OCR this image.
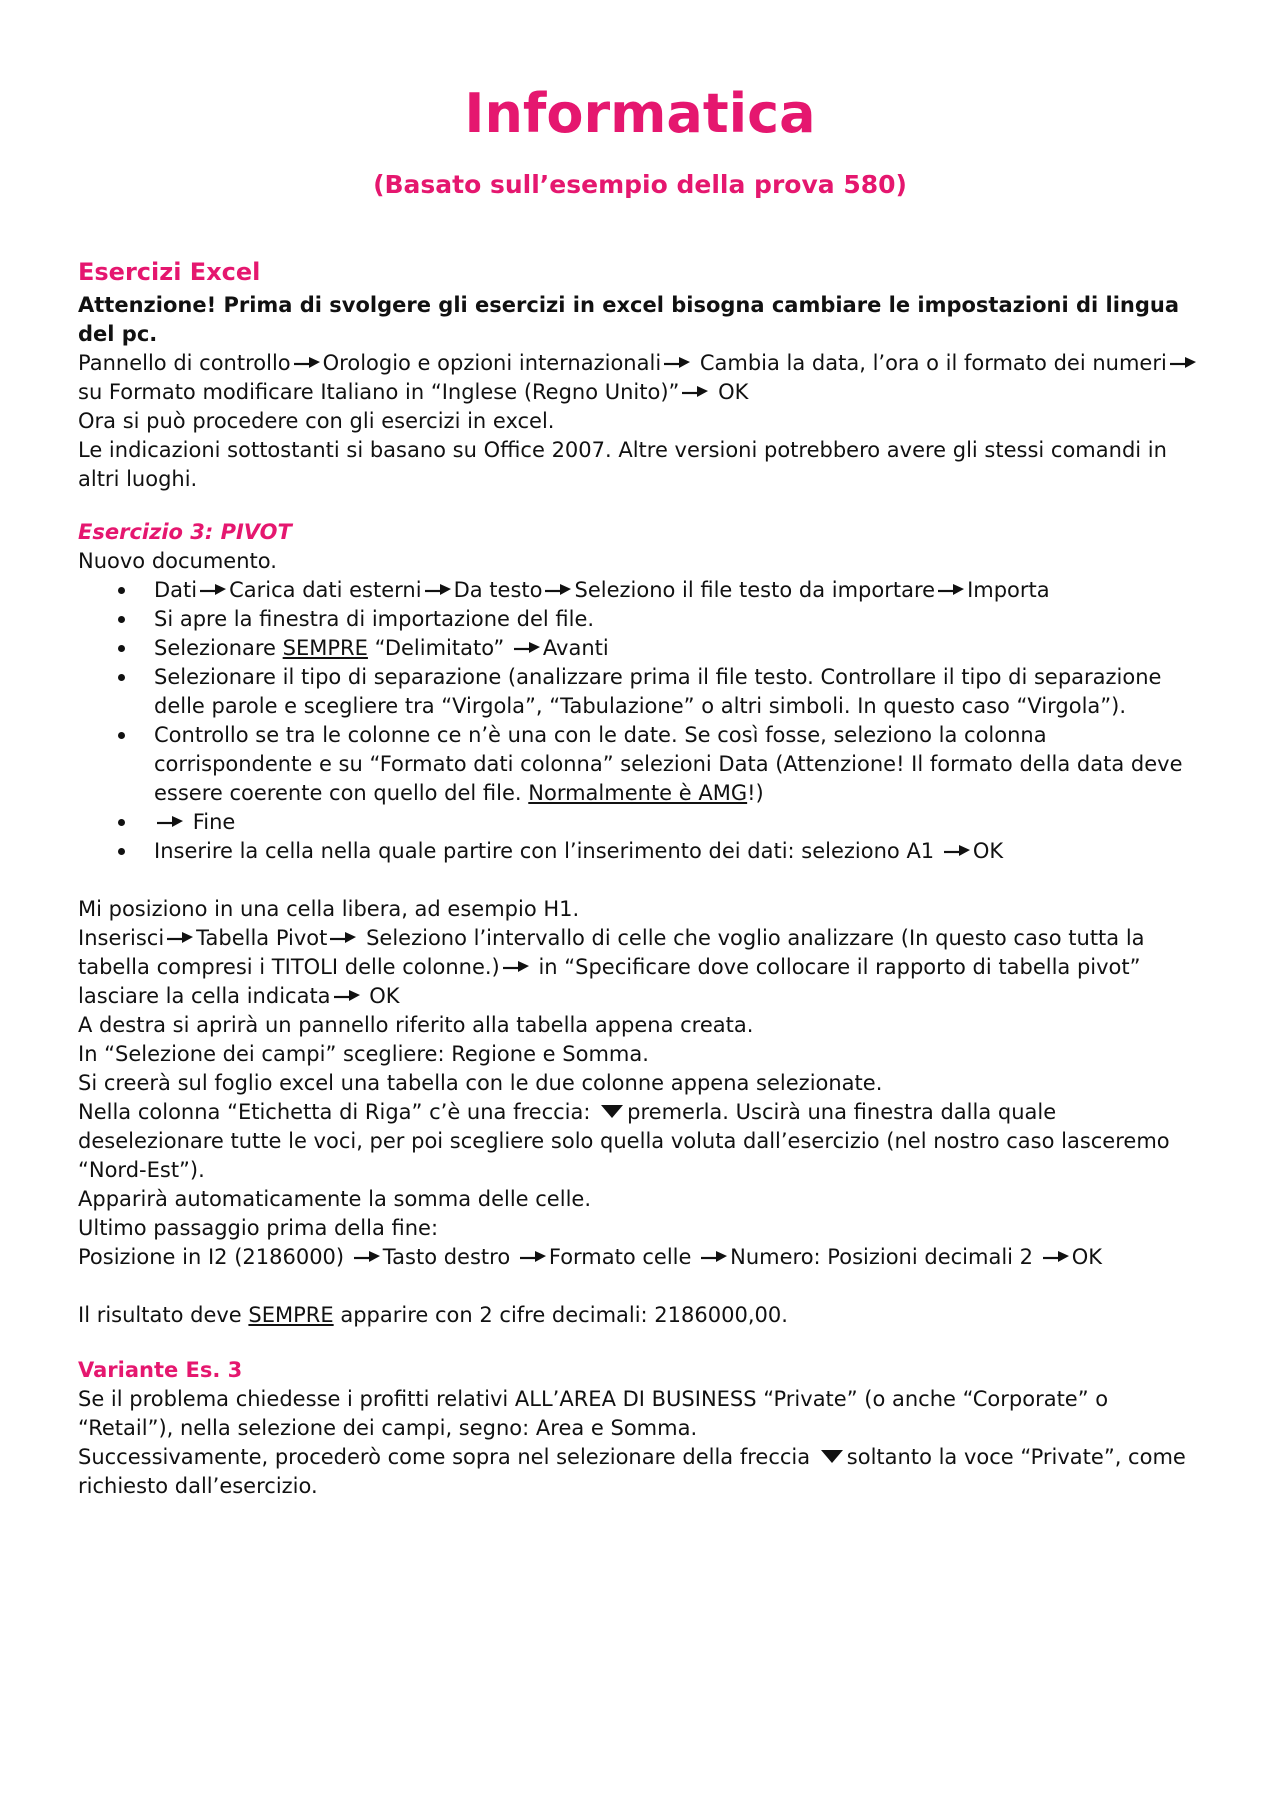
Informatica

(Basato sull’esempio della prova 580)

Esercizi Excel

Attenzione! Prima di svolgere gli esercizi in excel bisogna cambiare le impostazioni di lingua del pc.

Pannello di controllo Orologio e opzioni internazionali Cambia la data, l’ora o il formato dei numeri su Formato modificare Italiano in “Inglese (Regno Unito)” OK

Ora si può procedere con gli esercizi in excel.

Le indicazioni sottostanti si basano su Office 2007. Altre versioni potrebbero avere gli stessi comandi in altri luoghi.

Esercizio 3: PIVOT

Nuovo documento.

Dati Carica dati esterni Da testo Seleziono il file testo da importare Importa
Si apre la finestra di importazione del file.
Selezionare SEMPRE “Delimitato” Avanti
Selezionare il tipo di separazione (analizzare prima il file testo. Controllare il tipo di separazione delle parole e scegliere tra “Virgola”, “Tabulazione” o altri simboli. In questo caso “Virgola”).
Controllo se tra le colonne ce n’è una con le date. Se così fosse, seleziono la colonna corrispondente e su “Formato dati colonna” selezioni Data (Attenzione! Il formato della data deve essere coerente con quello del file. Normalmente è AMG!)
Fine
Inserire la cella nella quale partire con l’inserimento dei dati: seleziono A1 OK

Mi posiziono in una cella libera, ad esempio H1.

Inserisci Tabella Pivot Seleziono l’intervallo di celle che voglio analizzare (In questo caso tutta la tabella compresi i TITOLI delle colonne.) in “Specificare dove collocare il rapporto di tabella pivot” lasciare la cella indicata OK

A destra si aprirà un pannello riferito alla tabella appena creata.

In “Selezione dei campi” scegliere: Regione e Somma.

Si creerà sul foglio excel una tabella con le due colonne appena selezionate.

Nella colonna “Etichetta di Riga” c’è una freccia: premerla. Uscirà una finestra dalla quale deselezionare tutte le voci, per poi scegliere solo quella voluta dall’esercizio (nel nostro caso lasceremo “Nord-Est”).

Apparirà automaticamente la somma delle celle.

Ultimo passaggio prima della fine:

Posizione in I2 (2186000) Tasto destro Formato celle Numero: Posizioni decimali 2 OK

Il risultato deve SEMPRE apparire con 2 cifre decimali: 2186000,00.

Variante Es. 3

Se il problema chiedesse i profitti relativi ALL’AREA DI BUSINESS “Private” (o anche “Corporate” o “Retail”), nella selezione dei campi, segno: Area e Somma.

Successivamente, procederò come sopra nel selezionare della freccia soltanto la voce “Private”, come richiesto dall’esercizio.
